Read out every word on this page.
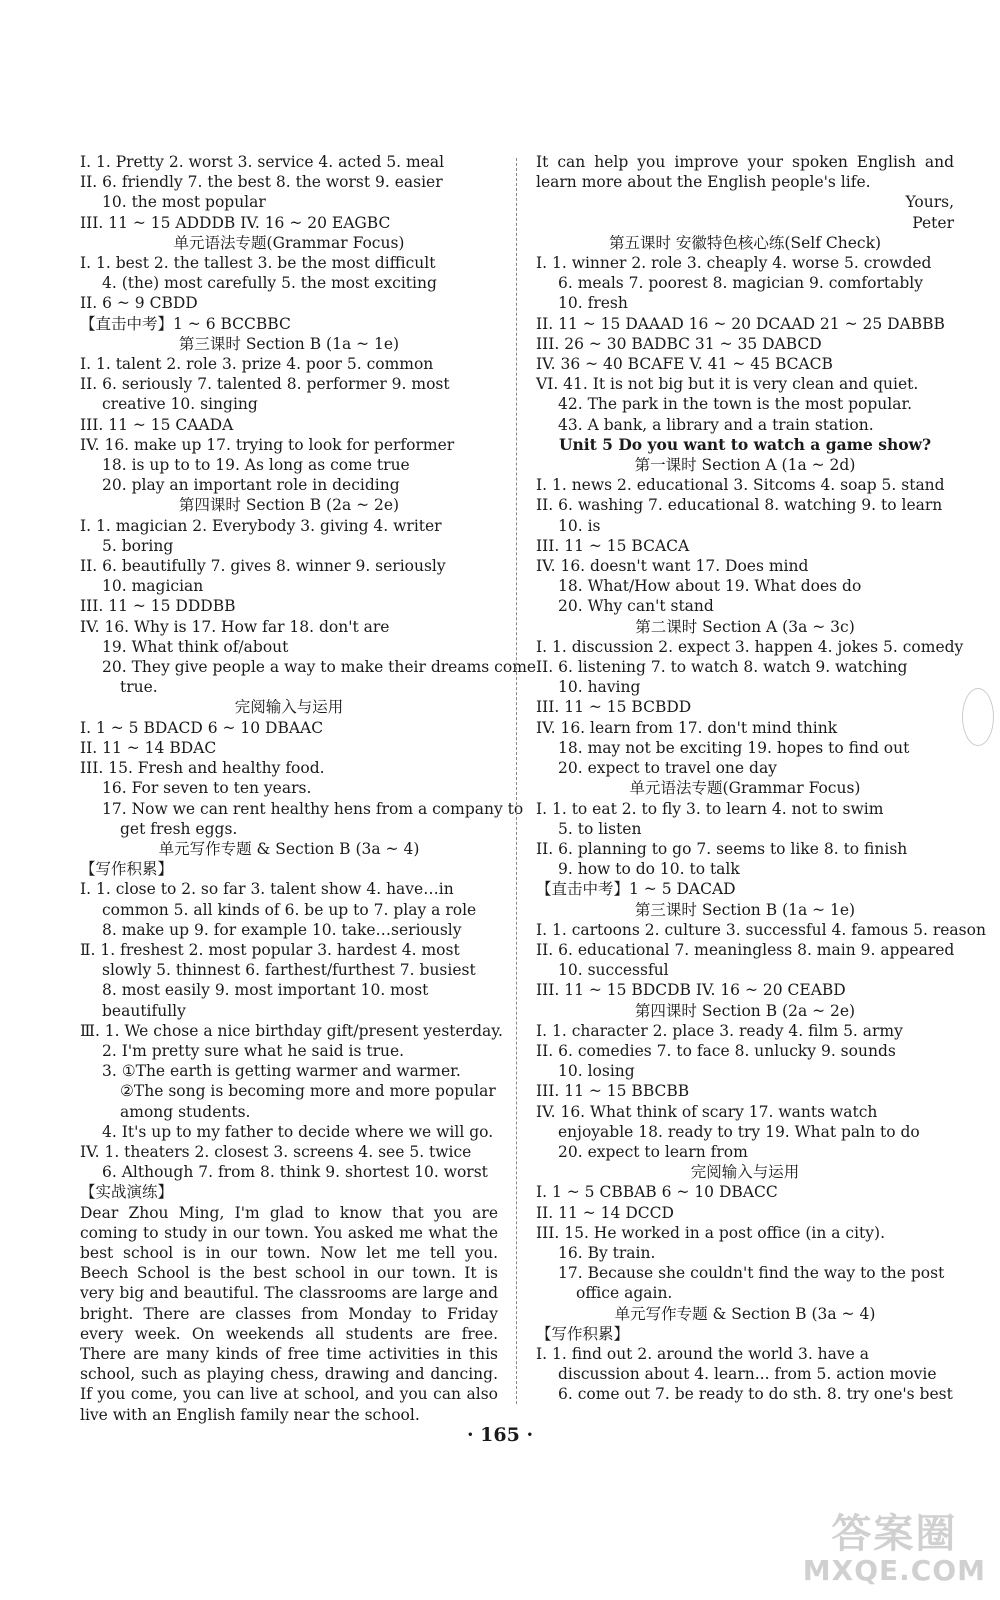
I. 1. Pretty 2. worst 3. service 4. acted 5. meal
II. 6. friendly 7. the best 8. the worst 9. easier
10. the most popular
III. 11 ~ 15 ADDDB IV. 16 ~ 20 EAGBC
单元语法专题(Grammar Focus)
I. 1. best 2. the tallest 3. be the most difficult
4. (the) most carefully 5. the most exciting
II. 6 ~ 9 CBDD
【直击中考】1 ~ 6 BCCBBC
第三课时 Section B (1a ~ 1e)
I. 1. talent 2. role 3. prize 4. poor 5. common
II. 6. seriously 7. talented 8. performer 9. most
creative 10. singing
III. 11 ~ 15 CAADA
IV. 16. make up 17. trying to look for performer
18. is up to to 19. As long as come true
20. play an important role in deciding
第四课时 Section B (2a ~ 2e)
I. 1. magician 2. Everybody 3. giving 4. writer
5. boring
II. 6. beautifully 7. gives 8. winner 9. seriously
10. magician
III. 11 ~ 15 DDDBB
IV. 16. Why is 17. How far 18. don't are
19. What think of/about
20. They give people a way to make their dreams come
true.
完阅输入与运用
I. 1 ~ 5 BDACD 6 ~ 10 DBAAC
II. 11 ~ 14 BDAC
III. 15. Fresh and healthy food.
16. For seven to ten years.
17. Now we can rent healthy hens from a company to
get fresh eggs.
单元写作专题 & Section B (3a ~ 4)
【写作积累】
Ⅰ. 1. close to 2. so far 3. talent show 4. have…in
common 5. all kinds of 6. be up to 7. play a role
8. make up 9. for example 10. take…seriously
Ⅱ. 1. freshest 2. most popular 3. hardest 4. most
slowly 5. thinnest 6. farthest/furthest 7. busiest
8. most easily 9. most important 10. most
beautifully
Ⅲ. 1. We chose a nice birthday gift/present yesterday.
2. I'm pretty sure what he said is true.
3. ①The earth is getting warmer and warmer.
②The song is becoming more and more popular
among students.
4. It's up to my father to decide where we will go.
IV. 1. theaters 2. closest 3. screens 4. see 5. twice
6. Although 7. from 8. think 9. shortest 10. worst
【实战演练】
Dear Zhou Ming, I'm glad to know that you are coming to study in our town. You asked me what the best school is in our town. Now let me tell you. Beech School is the best school in our town. It is very big and beautiful. The classrooms are large and bright. There are classes from Monday to Friday every week. On weekends all students are free. There are many kinds of free time activities in this school, such as playing chess, drawing and dancing. If you come, you can live at school, and you can also live with an English family near the school.
It can help you improve your spoken English and learn more about the English people's life.
Yours,
Peter
第五课时 安徽特色核心练(Self Check)
I. 1. winner 2. role 3. cheaply 4. worse 5. crowded
6. meals 7. poorest 8. magician 9. comfortably
10. fresh
II. 11 ~ 15 DAAAD 16 ~ 20 DCAAD 21 ~ 25 DABBB
III. 26 ~ 30 BADBC 31 ~ 35 DABCD
IV. 36 ~ 40 BCAFE V. 41 ~ 45 BCACB
VI. 41. It is not big but it is very clean and quiet.
42. The park in the town is the most popular.
43. A bank, a library and a train station.
Unit 5 Do you want to watch a game show?
第一课时 Section A (1a ~ 2d)
I. 1. news 2. educational 3. Sitcoms 4. soap 5. stand
II. 6. washing 7. educational 8. watching 9. to learn
10. is
III. 11 ~ 15 BCACA
IV. 16. doesn't want 17. Does mind
18. What/How about 19. What does do
20. Why can't stand
第二课时 Section A (3a ~ 3c)
I. 1. discussion 2. expect 3. happen 4. jokes 5. comedy
II. 6. listening 7. to watch 8. watch 9. watching
10. having
III. 11 ~ 15 BCBDD
IV. 16. learn from 17. don't mind think
18. may not be exciting 19. hopes to find out
20. expect to travel one day
单元语法专题(Grammar Focus)
I. 1. to eat 2. to fly 3. to learn 4. not to swim
5. to listen
II. 6. planning to go 7. seems to like 8. to finish
9. how to do 10. to talk
【直击中考】1 ~ 5 DACAD
第三课时 Section B (1a ~ 1e)
I. 1. cartoons 2. culture 3. successful 4. famous 5. reason
II. 6. educational 7. meaningless 8. main 9. appeared
10. successful
III. 11 ~ 15 BDCDB IV. 16 ~ 20 CEABD
第四课时 Section B (2a ~ 2e)
I. 1. character 2. place 3. ready 4. film 5. army
II. 6. comedies 7. to face 8. unlucky 9. sounds
10. losing
III. 11 ~ 15 BBCBB
IV. 16. What think of scary 17. wants watch
enjoyable 18. ready to try 19. What paln to do
20. expect to learn from
完阅输入与运用
I. 1 ~ 5 CBBAB 6 ~ 10 DBACC
II. 11 ~ 14 DCCD
III. 15. He worked in a post office (in a city).
16. By train.
17. Because she couldn't find the way to the post
office again.
单元写作专题 & Section B (3a ~ 4)
【写作积累】
Ⅰ. 1. find out 2. around the world 3. have a
discussion about 4. learn... from 5. action movie
6. come out 7. be ready to do sth. 8. try one's best
· 165 ·
答案圈
MXQE.COM
